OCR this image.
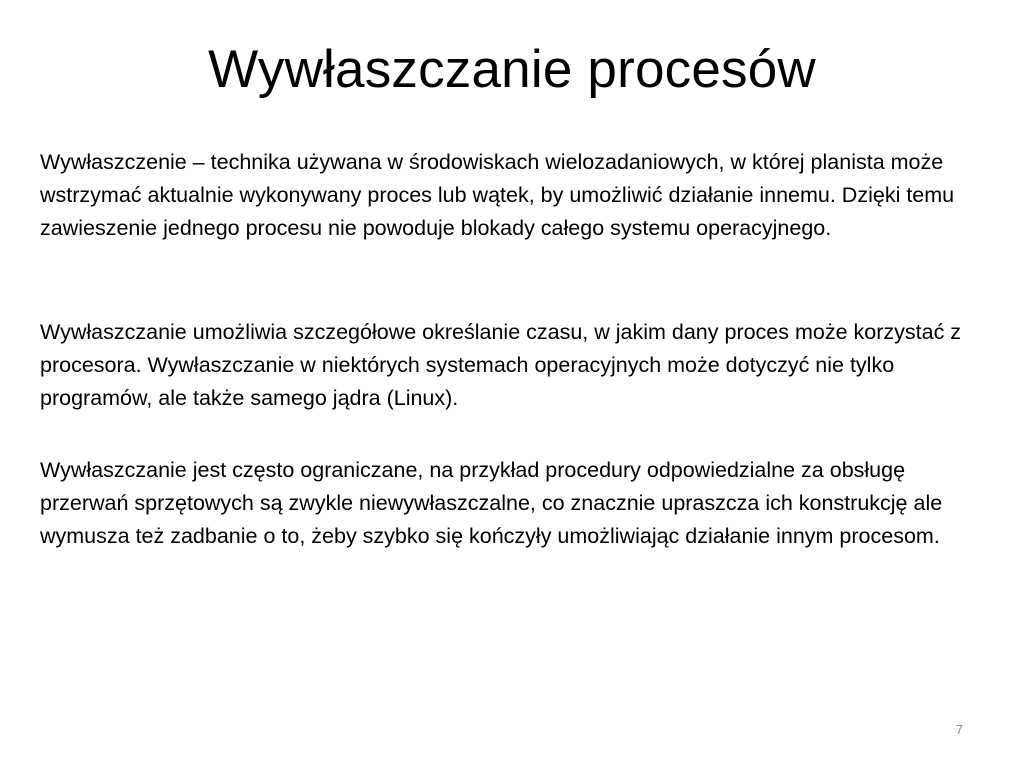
Wywłaszczanie procesów

Wywłaszczenie – technika używana w środowiskach wielozadaniowych, w której planista może wstrzymać aktualnie wykonywany proces lub wątek, by umożliwić działanie innemu. Dzięki temu zawieszenie jednego procesu nie powoduje blokady całego systemu operacyjnego.

Wywłaszczanie umożliwia szczegółowe określanie czasu, w jakim dany proces może korzystać z procesora. Wywłaszczanie w niektórych systemach operacyjnych może dotyczyć nie tylko programów, ale także samego jądra (Linux).

Wywłaszczanie jest często ograniczane, na przykład procedury odpowiedzialne za obsługę przerwań sprzętowych są zwykle niewywłaszczalne, co znacznie upraszcza ich konstrukcję ale wymusza też zadbanie o to, żeby szybko się kończyły umożliwiając działanie innym procesom.

7
